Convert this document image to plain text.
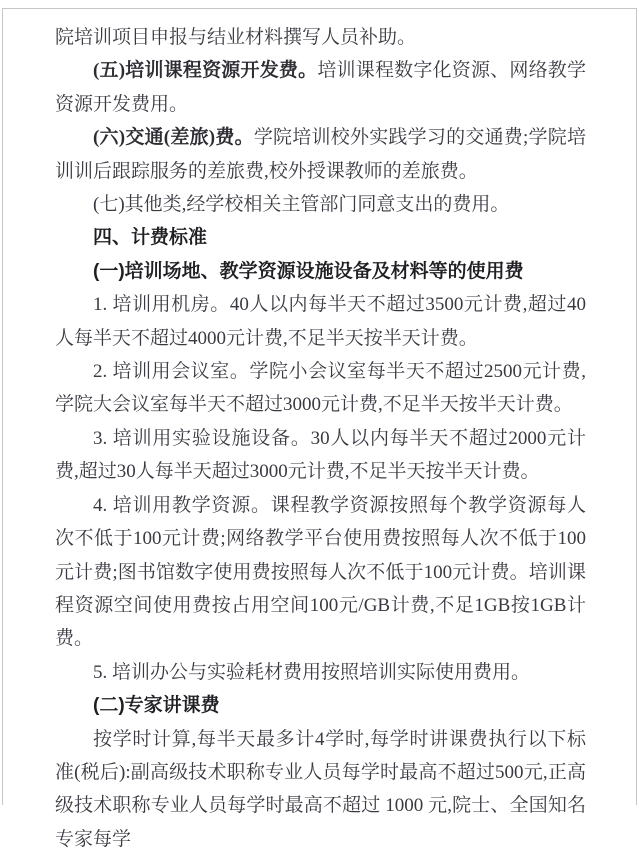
院培训项目申报与结业材料撰写人员补助。
(五)培训课程资源开发费。培训课程数字化资源、网络教学资源开发费用。
(六)交通(差旅)费。学院培训校外实践学习的交通费;学院培训训后跟踪服务的差旅费,校外授课教师的差旅费。
(七)其他类,经学校相关主管部门同意支出的费用。
四、计费标准
(一)培训场地、教学资源设施设备及材料等的使用费
1. 培训用机房。40人以内每半天不超过3500元计费,超过40人每半天不超过4000元计费,不足半天按半天计费。
2. 培训用会议室。学院小会议室每半天不超过2500元计费,学院大会议室每半天不超过3000元计费,不足半天按半天计费。
3. 培训用实验设施设备。30人以内每半天不超过2000元计费,超过30人每半天超过3000元计费,不足半天按半天计费。
4. 培训用教学资源。课程教学资源按照每个教学资源每人次不低于100元计费;网络教学平台使用费按照每人次不低于100元计费;图书馆数字使用费按照每人次不低于100元计费。培训课程资源空间使用费按占用空间100元/GB计费,不足1GB按1GB计费。
5. 培训办公与实验耗材费用按照培训实际使用费用。
(二)专家讲课费
按学时计算,每半天最多计4学时,每学时讲课费执行以下标准(税后):副高级技术职称专业人员每学时最高不超过500元,正高级技术职称专业人员每学时最高不超过 1000 元,院士、全国知名专家每学
